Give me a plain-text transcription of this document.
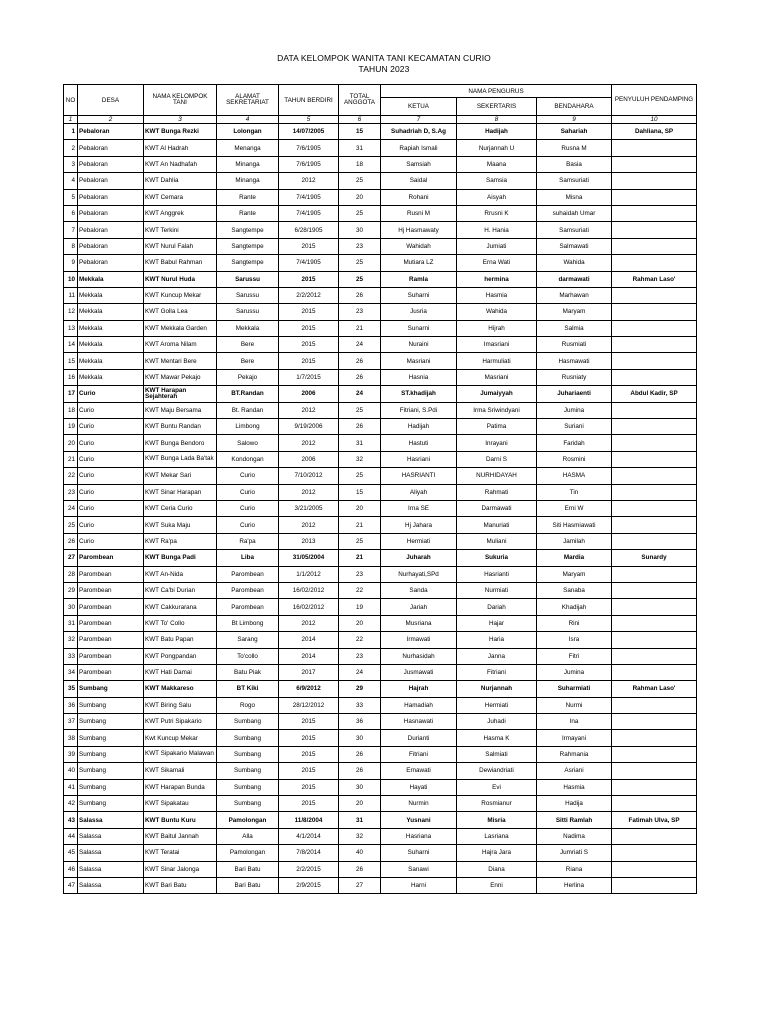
DATA KELOMPOK WANITA TANI KECAMATAN CURIO
TAHUN 2023
NO	DESA	NAMA KELOMPOK TANI	ALAMAT SEKRETARIAT	TAHUN BERDIRI	TOTAL ANGGOTA	NAMA PENGURUS			PENYULUH PENDAMPING
						KETUA	SEKERTARIS	BENDAHARA	
1	2	3	4	5	6	7	8	9	10
1	Pebaloran	KWT Bunga Rezki	Lolongan	14/07/2005	15	Suhadriah D, S.Ag	Hadijah	Sahariah	Dahliana, SP
2	Pebaloran	KWT Al Hadrah	Menanga	7/6/1905	31	Rapiah Ismali	Nurjannah U	Rusna M	
3	Pebaloran	KWT An Nadhafah	Minanga	7/6/1905	18	Samsiah	Maana	Basia	
4	Pebaloran	KWT Dahlia	Minanga	2012	25	Saidal	Samsia	Samsuriati	
5	Pebaloran	KWT Cemara	Rante	7/4/1905	20	Rohani	Aisyah	Misna	
6	Pebaloran	KWT Anggrek	Rante	7/4/1905	25	Rusni M	Rrusni K	suhaidah Umar	
7	Pebaloran	KWT Terkini	Sangtempe	6/28/1905	30	Hj Hasmawaty	H. Hania	Samsuriati	
8	Pebaloran	KWT Nurul Falah	Sangtempe	2015	23	Wahidah	Jumiati	Salmawati	
9	Pebaloran	KWT Babul Rahman	Sangtempe	7/4/1905	25	Mutiara LZ	Erna Wati	Wahida	
10	Mekkala	KWT Nurul Huda	Sarussu	2015	25	Ramla	hermina	darmawati	Rahman Laso'
11	Mekkala	KWT Kuncup Mekar	Sarussu	2/2/2012	26	Suharni	Hasmia	Marhawan	
12	Mekkala	KWT Golla Lea	Sarussu	2015	23	Jusria	Wahida	Maryam	
13	Mekkala	KWT Mekkala Garden	Mekkala	2015	21	Sunarni	Hijrah	Salmia	
14	Mekkala	KWT Aroma Nilam	Bere	2015	24	Nuraini	Imasriani	Rusmiati	
15	Mekkala	KWT Mentari Bere	Bere	2015	26	Masriani	Harmuliati	Hasmawati	
16	Mekkala	KWT Mawar Pekajo	Pekajo	1/7/2015	26	Hasnia	Masriani	Rusniaty	
17	Curio	KWT Harapan Sejahterah	BT.Randan	2006	24	ST.khadijah	Jumaiyyah	Juhariaenti	Abdul Kadir, SP
18	Curio	KWT Maju Bersama	Bt. Randan	2012	25	Fitriani, S.Pdi	Irma Sriwindyani	Jumina	
19	Curio	KWT Buntu Randan	Limbong	9/19/2006	26	Hadijah	Patima	Suriani	
20	Curio	KWT Bunga Bendoro	Salowo	2012	31	Hastuti	Inrayani	Faridah	
21	Curio	KWT Bunga Lada Ba'tak	Kondongan	2006	32	Hasriani	Darni S	Rosmini	
22	Curio	KWT Mekar Sari	Curio	7/10/2012	25	HASRIANTI	NURHIDAYAH	HASMA	
23	Curio	KWT Sinar Harapan	Curio	2012	15	Aliyah	Rahmati	Tin	
24	Curio	KWT Ceria Curio	Curio	3/21/2005	20	Irna SE	Darmawati	Erni W	
25	Curio	KWT Suka Maju	Curio	2012	21	Hj Jahara	Manuriati	Siti Hasmiawati	
26	Curio	KWT Ra'pa	Ra'pa	2013	25	Hermiati	Muliani	Jamilah	
27	Parombean	KWT Bunga Padi	Liba	31/05/2004	21	Juharah	Sukuria	Mardia	Sunardy
28	Parombean	KWT An-Nida	Parombean	1/1/2012	23	Nurhayati,SPd	Hasrianti	Maryam	
29	Parombean	KWT Ca'bi Durian	Parombean	16/02/2012	22	Sanda	Nurmiati	Sanaba	
30	Parombean	KWT Cakkurarana	Parombean	16/02/2012	19	Jariah	Dariah	Khadijah	
31	Parombean	KWT To' Collo	Bt Limbong	2012	20	Musriana	Hajar	Rini	
32	Parombean	KWT Batu Papan	Sarang	2014	22	Irmawati	Haria	Isra	
33	Parombean	KWT Pongpandan	To'collo	2014	23	Nurhasidah	Janna	Fitri	
34	Parombean	KWT Hati Damai	Batu Piak	2017	24	Jusmawati	Fitriani	Jumina	
35	Sumbang	KWT Makkareso	BT Kiki	6/9/2012	29	Hajrah	Nurjannah	Suharmiati	Rahman Laso'
36	Sumbang	KWT Biring Salu	Rogo	28/12/2012	33	Hamadiah	Hermiati	Nurmi	
37	Sumbang	KWT Putri Sipakario	Sumbang	2015	36	Hasnawati	Juhadi	Ina	
38	Sumbang	Kwt Kuncup Mekar	Sumbang	2015	30	Durianti	Hasma K	Irmayani	
39	Sumbang	KWT Sipakario Malawan	Sumbang	2015	26	Fitriani	Salmiati	Rahmania	
40	Sumbang	KWT Sikamali	Sumbang	2015	26	Ernawati	Dewiandriati	Asriani	
41	Sumbang	KWT Harapan Bunda	Sumbang	2015	30	Hayati	Evi	Hasmia	
42	Sumbang	KWT Sipakatau	Sumbang	2015	20	Nurmin	Rosmianur	Hadija	
43	Salassa	KWT Buntu Kuru	Pamolongan	11/8/2004	31	Yusnani	Misria	Sitti Ramlah	Fatimah Ulva, SP
44	Salassa	KWT Baitul Jannah	Alla	4/1/2014	32	Hasriana	Lasriana	Nadima	
45	Salassa	KWT Teratai	Pamolongan	7/8/2014	40	Suharni	Hajra Jara	Jumriati S	
46	Salassa	KWT Sinar Jalonga	Bari Batu	2/2/2015	26	Sanawi	Diana	Riana	
47	Salassa	KWT Bari Batu	Bari Batu	2/9/2015	27	Harni	Enni	Herlina	
